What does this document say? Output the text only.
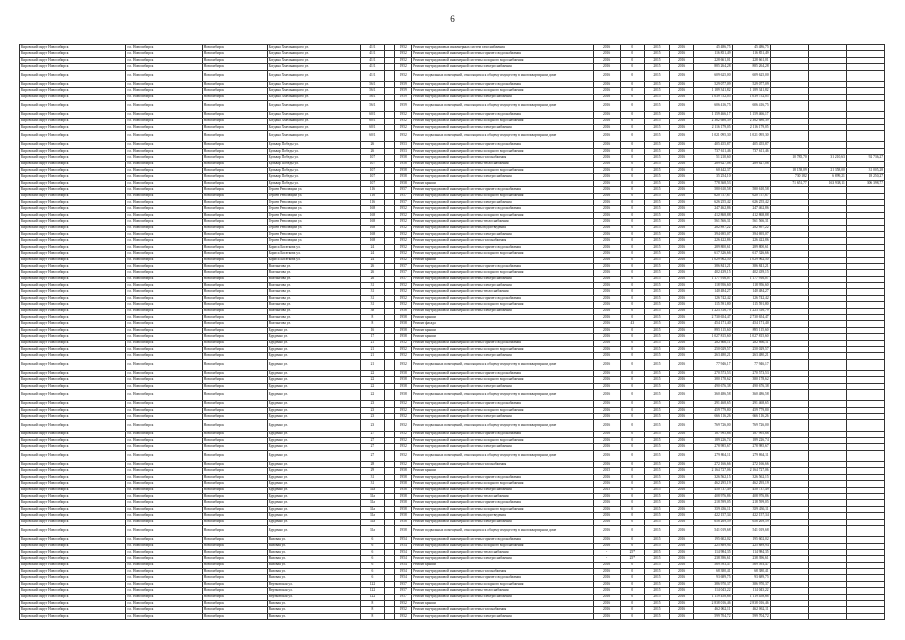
6
Кировский округ Новосибирск	г.о. Новосибирск	Новосибирск	Богдана Хмельницкого ул.	41/1		1952	Ремонт внутридомовых инженерных систем газоснабжения	2016	0	2015	2016	45 486,75	45 486,75			
Кировский округ Новосибирск	г.о. Новосибирск	Новосибирск	Богдана Хмельницкого ул.	41/1		1952	Ремонт внутридомовой инженерной системы горячего водоснабжения	2016	0	2015	2016	116 851,49	116 851,49			
Кировский округ Новосибирск	г.о. Новосибирск	Новосибирск	Богдана Хмельницкого ул.	41/1		1952	Ремонт внутридомовой инженерной системы холодного водоснабжения	2016	0	2015	2016	228 661,01	228 661,01			
Кировский округ Новосибирск	г.о. Новосибирск	Новосибирск	Богдана Хмельницкого ул.	41/1		1952	Ремонт внутридомовой инженерной системы электроснабжения	2016	0	2015	2016	885 264,28	885 264,28			
Кировский округ Новосибирск	г.о. Новосибирск	Новосибирск	Богдана Хмельницкого ул.	41/1		1952	Ремонт подвальных помещений, относящихся к общему имуществу в многоквартирном доме	2016	0	2015	2016	609 625,00	609 625,00			
Кировский округ Новосибирск	г.о. Новосибирск	Новосибирск	Богдана Хмельницкого ул.	56/1		1959	Ремонт внутридомовой инженерной системы горячего водоснабжения	2016	0	2015	2016	529 077,09	529 077,09			
Кировский округ Новосибирск	г.о. Новосибирск	Новосибирск	Богдана Хмельницкого ул.	56/1		1959	Ремонт внутридомовой инженерной системы холодного водоснабжения	2016	0	2015	2016	1 189 341,82	1 189 341,82			
Кировский округ Новосибирск	г.о. Новосибирск	Новосибирск	Богдана Хмельницкого ул.	56/1		1959	Ремонт внутридомовой инженерной системы электроснабжения	2016	0	2015	2016	1 039 752,05	1 039 752,05			
Кировский округ Новосибирск	г.о. Новосибирск	Новосибирск	Богдана Хмельницкого ул.	56/1		1959	Ремонт подвальных помещений, относящихся к общему имуществу в многоквартирном доме	2016	0	2015	2016	606 416,75	606 416,75			
Кировский округ Новосибирск	г.о. Новосибирск	Новосибирск	Богдана Хмельницкого ул.	60/1		1952	Ремонт внутридомовой инженерной системы горячего водоснабжения	2016	0	2015	2016	1 159 466,17	1 159 466,17			
Кировский округ Новосибирск	г.о. Новосибирск	Новосибирск	Богдана Хмельницкого ул.	60/1		1952	Ремонт внутридомовой инженерной системы холодного водоснабжения	2016	0	2015	2016	2 362 686,39	2 362 686,39			
Кировский округ Новосибирск	г.о. Новосибирск	Новосибирск	Богдана Хмельницкого ул.	60/1		1952	Ремонт внутридомовой инженерной системы электроснабжения	2016	0	2015	2016	2 116 179,05	2 116 179,05			
Кировский округ Новосибирск	г.о. Новосибирск	Новосибирск	Богдана Хмельницкого ул.	60/1		1952	Ремонт подвальных помещений, относящихся к общему имуществу в многоквартирном доме	2016	0	2015	2016	1 021 095,30	1 021 095,30			
Кировский округ Новосибирск	г.о. Новосибирск	Новосибирск	Бульвар Победы ул.	26		1953	Ремонт внутридомовой инженерной системы горячего водоснабжения	2016	0	2015	2016	405 455,87	405 455,87			
Кировский округ Новосибирск	г.о. Новосибирск	Новосибирск	Бульвар Победы ул.	26		1953	Ремонт внутридомовой инженерной системы холодного водоснабжения	2016	0	2015	2016	737 611,46	737 611,46			
Кировский округ Новосибирск	г.о. Новосибирск	Новосибирск	Бульвар Победы ул.	107		1958	Ремонт внутридомовой инженерной системы газоснабжения	2016	0	2015	2016	51 210,60		10 785,70	31 210,63	92 736,27
Кировский округ Новосибирск	г.о. Новосибирск	Новосибирск	Бульвар Победы ул.	107		1958	Ремонт внутридомовой инженерной системы теплоснабжения	2016	0	2015	2016	289 627,08	289 627,08			
Кировский округ Новосибирск	г.о. Новосибирск	Новосибирск	Бульвар Победы ул.	107		1958	Ремонт внутридомовой инженерной системы холодного водоснабжения	2016	0	2015	2016	60 442,37		18 158,09	21 358,00	31 005,28
Кировский округ Новосибирск	г.о. Новосибирск	Новосибирск	Бульвар Победы ул.	107		1958	Ремонт внутридомовой инженерной системы электроснабжения	2016	0	2015	2016	35 254,10		730 182	6 899,21	18 250,27
Кировский округ Новосибирск	г.о. Новосибирск	Новосибирск	Бульвар Победы ул.	107		1958	Ремонт крыши	2016	0	2015	2016	778 368,53		71 651,77	163 938,11	306 398,77
Кировский округ Новосибирск	г.о. Новосибирск	Новосибирск	Героев Революции ул.	116		1957	Ремонт внутридомовой инженерной системы горячего водоснабжения	2016	0	2015	2016	580 610,58	580 610,58			
Кировский округ Новосибирск	г.о. Новосибирск	Новосибирск	Героев Революции ул.	116		1957	Ремонт внутридомовой инженерной системы холодного водоснабжения	2016	0	2015	2016	620 757,67	620 757,67			
Кировский округ Новосибирск	г.о. Новосибирск	Новосибирск	Героев Революции ул.	116		1957	Ремонт внутридомовой инженерной системы электроснабжения	2016	0	2015	2016	626 255,42	626 255,42			
Кировский округ Новосибирск	г.о. Новосибирск	Новосибирск	Героев Революции ул.	168		1952	Ремонт внутридомовой инженерной системы горячего водоснабжения	2016	0	2015	2016	247 462,86	247 462,86			
Кировский округ Новосибирск	г.о. Новосибирск	Новосибирск	Героев Революции ул.	168		1952	Ремонт внутридомовой инженерной системы холодного водоснабжения	2016	0	2015	2016	412 868,88	412 868,88			
Кировский округ Новосибирск	г.о. Новосибирск	Новосибирск	Героев Революции ул.	168		1952	Ремонт внутридомовой инженерной системы теплоснабжения	2016	0	2015	2016	561 566,31	561 566,31			
Кировский округ Новосибирск	г.о. Новосибирск	Новосибирск	Героев Революции ул.	168		1952	Ремонт внутридомовой инженерной системы водоотведения	2016	0	2015	2016	282 897,22	282 897,22			
Кировский округ Новосибирск	г.о. Новосибирск	Новосибирск	Героев Революции ул.	168		1952	Ремонт внутридомовой инженерной системы электроснабжения	2016	0	2015	2016	394 695,07	394 695,07			
Кировский округ Новосибирск	г.о. Новосибирск	Новосибирск	Героев Революции ул.	168		1952	Ремонт внутридомовой инженерной системы газоснабжения	2016	0	2015	2016	226 422,86	226 422,86			
Кировский округ Новосибирск	г.о. Новосибирск	Новосибирск	Бориса Богаткова ул.	24		1952	Ремонт внутридомовой инженерной системы горячего водоснабжения	2016	0	2015	2016	289 800,61	289 800,61			
Кировский округ Новосибирск	г.о. Новосибирск	Новосибирск	Бориса Богаткова ул.	24		1952	Ремонт внутридомовой инженерной системы холодного водоснабжения	2016	0	2015	2016	617 326,66	617 326,66			
Кировский округ Новосибирск	г.о. Новосибирск	Новосибирск	Бориса Богаткова ул.	24		1952	Ремонт крыши	2016	0	2015	2016	1 029 962,50	1 029 962,50			
Кировский округ Новосибирск	г.о. Новосибирск	Новосибирск	Вахтангова ул.	26		1957	Ремонт внутридомовой инженерной системы горячего водоснабжения	2016	0	2015	2016	386 841,21	386 841,21			
Кировский округ Новосибирск	г.о. Новосибирск	Новосибирск	Вахтангова ул.	26		1957	Ремонт внутридомовой инженерной системы холодного водоснабжения	2016	0	2015	2016	402 439,15	402 439,15			
Кировский округ Новосибирск	г.о. Новосибирск	Новосибирск	Вахтангова ул.	26		1957	Ремонт внутридомовой инженерной системы электроснабжения	2016	0	2015	2016	1 177 916,07	1 177 916,07			
Кировский округ Новосибирск	г.о. Новосибирск	Новосибирск	Вахтангова ул.	31		1952	Ремонт внутридомовой инженерной системы электроснабжения	2016	0	2015	2016	118 956,60	118 956,60			
Кировский округ Новосибирск	г.о. Новосибирск	Новосибирск	Вахтангова ул.	31		1952	Ремонт внутридомовой инженерной системы теплоснабжения	2016	0	2015	2016	140 484,27	140 484,27			
Кировский округ Новосибирск	г.о. Новосибирск	Новосибирск	Вахтангова ул.	31		1952	Ремонт внутридомовой инженерной системы горячего водоснабжения	2016	0	2015	2016	126 742,42	126 742,42			
Кировский округ Новосибирск	г.о. Новосибирск	Новосибирск	Вахтангова ул.	31		1952	Ремонт внутридомовой инженерной системы холодного водоснабжения	2016	0	2015	2016	115 591,80	115 591,80			
Кировский округ Новосибирск	г.о. Новосибирск	Новосибирск	Вахтангова ул.	38		1958	Ремонт внутридомовой инженерной системы электроснабжения	2016	0	2015	2016	1 223 316,79	1 223 316,79			
Кировский округ Новосибирск	г.о. Новосибирск	Новосибирск	Вахтангова ул.	8		1958	Ремонт крыши	2016	0	2015	2016	2 730 654,47	2 730 654,47			
Кировский округ Новосибирск	г.о. Новосибирск	Новосибирск	Вахтангова ул.	8		1958	Ремонт фасада	2016	43	2015	2016	454 171,40	454 171,40			
Кировский округ Новосибирск	г.о. Новосибирск	Новосибирск	Бурденко ул.	16		1958	Ремонт крыши	2016	0	2015	2016	895 115,60	895 115,60			
Кировский округ Новосибирск	г.о. Новосибирск	Новосибирск	Бурденко ул.	17		1958	Ремонт крыши	2016	0	2015	2016	1 027 815,60	1 027 815,60			
Кировский округ Новосибирск	г.о. Новосибирск	Новосибирск	Бурденко ул.	21		1952	Ремонт внутридомовой инженерной системы горячего водоснабжения	2016	0	2015	2016	282 666,11	282 666,11			
Кировский округ Новосибирск	г.о. Новосибирск	Новосибирск	Бурденко ул.	21		1952	Ремонт внутридомовой инженерной системы холодного водоснабжения	2016	0	2015	2016	250 029,57	250 029,57			
Кировский округ Новосибирск	г.о. Новосибирск	Новосибирск	Бурденко ул.	21		1952	Ремонт внутридомовой инженерной системы электроснабжения	2016	0	2015	2016	263 480,21	263 480,21			
Кировский округ Новосибирск	г.о. Новосибирск	Новосибирск	Бурденко ул.	21		1952	Ремонт подвальных помещений, относящихся к общему имуществу в многоквартирном доме	2016	0	2015	2016	77 946,17	77 946,17			
Кировский округ Новосибирск	г.о. Новосибирск	Новосибирск	Бурденко ул.	22		1958	Ремонт внутридомовой инженерной системы горячего водоснабжения	2016	0	2015	2016	270 573,53	270 573,53			
Кировский округ Новосибирск	г.о. Новосибирск	Новосибирск	Бурденко ул.	22		1958	Ремонт внутридомовой инженерной системы холодного водоснабжения	2016	0	2015	2016	380 178,62	380 178,62			
Кировский округ Новосибирск	г.о. Новосибирск	Новосибирск	Бурденко ул.	22		1958	Ремонт внутридомовой инженерной системы электроснабжения	2016	0	2015	2016	490 676,38	490 676,38			
Кировский округ Новосибирск	г.о. Новосибирск	Новосибирск	Бурденко ул.	22		1958	Ремонт подвальных помещений, относящихся к общему имуществу в многоквартирном доме	2016	0	2015	2016	360 486,58	360 486,58			
Кировский округ Новосибирск	г.о. Новосибирск	Новосибирск	Бурденко ул.	23		1952	Ремонт внутридомовой инженерной системы горячего водоснабжения	2016	0	2015	2016	291 468,65	291 468,65			
Кировский округ Новосибирск	г.о. Новосибирск	Новосибирск	Бурденко ул.	23		1952	Ремонт внутридомовой инженерной системы холодного водоснабжения	2016	0	2015	2016	459 779,80	459 779,80			
Кировский округ Новосибирск	г.о. Новосибирск	Новосибирск	Бурденко ул.	23		1952	Ремонт внутридомовой инженерной системы электроснабжения	2016	0	2015	2016	666 116,26	666 116,26			
Кировский округ Новосибирск	г.о. Новосибирск	Новосибирск	Бурденко ул.	23		1952	Ремонт подвальных помещений, относящихся к общему имуществу в многоквартирном доме	2016	0	2015	2016	769 726,00	769 726,00			
Кировский округ Новосибирск	г.о. Новосибирск	Новосибирск	Бурденко ул.	27		1952	Ремонт внутридомовой инженерной системы горячего водоснабжения	2016	0	2015	2016	187 995,66	187 995,66			
Кировский округ Новосибирск	г.о. Новосибирск	Новосибирск	Бурденко ул.	27		1952	Ремонт внутридомовой инженерной системы холодного водоснабжения	2016	0	2015	2016	189 226,74	189 226,74			
Кировский округ Новосибирск	г.о. Новосибирск	Новосибирск	Бурденко ул.	27		1952	Ремонт внутридомовой инженерной системы электроснабжения	2016	0	2015	2016	278 985,67	278 985,67			
Кировский округ Новосибирск	г.о. Новосибирск	Новосибирск	Бурденко ул.	27		1952	Ремонт подвальных помещений, относящихся к общему имуществу в многоквартирном доме	2016	0	2015	2016	279 864,11	279 864,11			
Кировский округ Новосибирск	г.о. Новосибирск	Новосибирск	Бурденко ул.	28		1952	Ремонт внутридомовой инженерной системы газоснабжения	2016	0	2015	2016	272 166,66	272 166,66			
Кировский округ Новосибирск	г.о. Новосибирск	Новосибирск	Бурденко ул.	29		1958	Ремонт крыши	2015	0	2015	2016	2 164 727,06	2 164 727,06			
Кировский округ Новосибирск	г.о. Новосибирск	Новосибирск	Бурденко ул.	31		1958	Ремонт внутридомовой инженерной системы горячего водоснабжения	2016	0	2015	2016	326 562,15	326 562,15			
Кировский округ Новосибирск	г.о. Новосибирск	Новосибирск	Бурденко ул.	31		1958	Ремонт внутридомовой инженерной системы холодного водоснабжения	2016	0	2015	2016	462 295,19	462 295,19			
Кировский округ Новосибирск	г.о. Новосибирск	Новосибирск	Бурденко ул.	31а		1958	Ремонт внутридомовой инженерной системы электроснабжения	2015	0	2015	2016	450 737,49	450 737,49			
Кировский округ Новосибирск	г.о. Новосибирск	Новосибирск	Бурденко ул.	31а		1958	Ремонт внутридомовой инженерной системы теплоснабжения	2016	0	2015	2016	408 976,86	408 976,86			
Кировский округ Новосибирск	г.о. Новосибирск	Новосибирск	Бурденко ул.	31а		1958	Ремонт внутридомовой инженерной системы горячего водоснабжения	2016	0	2015	2016	218 599,05	218 599,05			
Кировский округ Новосибирск	г.о. Новосибирск	Новосибирск	Бурденко ул.	31а		1958	Ремонт внутридомовой инженерной системы холодного водоснабжения	2016	0	2015	2016	359 436,11	359 436,11			
Кировский округ Новосибирск	г.о. Новосибирск	Новосибирск	Бурденко ул.	31а		1958	Ремонт внутридомовой инженерной системы водоотведения	2016	0	2015	2016	422 157,34	422 157,34			
Кировский округ Новосибирск	г.о. Новосибирск	Новосибирск	Бурденко ул.	31а		1958	Ремонт внутридомовой инженерной системы электроснабжения	2016	0	2015	2016	658 269,59	658 269,59			
Кировский округ Новосибирск	г.о. Новосибирск	Новосибирск	Бурденко ул.	31а		1958	Ремонт подвальных помещений, относящихся к общему имуществу в многоквартирном доме	2016	0	2015	2016	541 019,68	541 019,68			
Кировский округ Новосибирск	г.о. Новосибирск	Новосибирск	Вязовая ул.	6		1954	Ремонт внутридомовой инженерной системы горячего водоснабжения	2016	0	2015	2016	195 602,02	195 602,02			
Кировский округ Новосибирск	г.о. Новосибирск	Новосибирск	Вязовая ул.	6		1954	Ремонт внутридомовой инженерной системы холодного водоснабжения	2016	0	2015	2016	225 889,94	225 889,94			
Кировский округ Новосибирск	г.о. Новосибирск	Новосибирск	Вязовая ул.	6		1954	Ремонт внутридомовой инженерной системы теплоснабжения	-	25*	2015	2016	114 984,35	114 984,35			
Кировский округ Новосибирск	г.о. Новосибирск	Новосибирск	Вязовая ул.	6		1954	Ремонт внутридомовой инженерной системы электроснабжения	-	25*	2015	2016	238 396,61	238 396,61			
Кировский округ Новосибирск	г.о. Новосибирск	Новосибирск	Вязовая ул.	6		1954	Ремонт крыши	2016	0	2015	2016	569 593,47	569 593,47			
Кировский округ Новосибирск	г.о. Новосибирск	Новосибирск	Вязовая ул.	6		1954	Ремонт внутридомовой инженерной системы газоснабжения	2016	0	2015	2016	68 380,41	68 380,41			
Кировский округ Новосибирск	г.о. Новосибирск	Новосибирск	Вязовая ул.	6		1954	Ремонт внутридомовой инженерной системы горячего водоснабжения	2016	0	2015	2016	93 689,75	93 689,75			
Кировский округ Новосибирск	г.о. Новосибирск	Новосибирск	Вертковская ул.	122		1957	Ремонт внутридомовой инженерной системы холодного водоснабжения	2016	0	2015	2016	386 970,37	386 970,37			
Кировский округ Новосибирск	г.о. Новосибирск	Новосибирск	Вертковская ул.	122		1957	Ремонт внутридомовой инженерной системы теплоснабжения	2016	0	2015	2016	114 043,22	114 043,22			
Кировский округ Новосибирск	г.о. Новосибирск	Новосибирск	Вертковская ул.	122		1957	Ремонт внутридомовой инженерной системы электроснабжения	2016	0	2015	2016	1 119 458,66	1 119 458,66			
Кировский округ Новосибирск	г.о. Новосибирск	Новосибирск	Вязовая ул.	8		1952	Ремонт крыши	2016	0	2015	2016	2 838 016,46	2 838 016,46			
Кировский округ Новосибирск	г.о. Новосибирск	Новосибирск	Вязовая ул.	8		1952	Ремонт внутридомовой инженерной системы газоснабжения	2016	0	2015	2016	462 062,11	462 062,11			
Кировский округ Новосибирск	г.о. Новосибирск	Новосибирск	Вязовая ул.	8		1952	Ремонт внутридомовой инженерной системы электроснабжения	2016	0	2015	2016	599 704,72	599 704,72			
